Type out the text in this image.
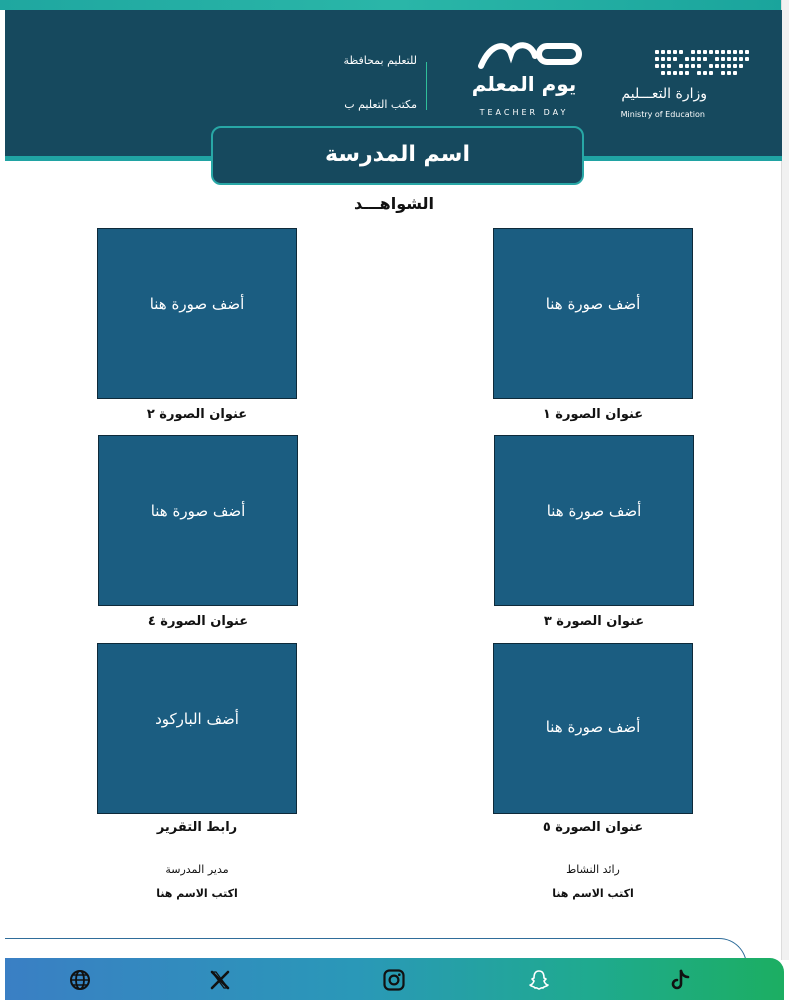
وزارة التعـــليم
Ministry of Education
يوم المعلم
TEACHER DAY
للتعليم بمحافظة
مكتب التعليم ب
اسم المدرسة
الشواهـــد
أضف صورة هنا
عنوان الصورة ١
أضف صورة هنا
عنوان الصورة ٢
أضف صورة هنا
عنوان الصورة ٣
أضف صورة هنا
عنوان الصورة ٤
أضف صورة هنا
عنوان الصورة ٥
أضف الباركود
رابط التقرير
رائد النشاط
اكتب الاسم هنا
مدير المدرسة
اكتب الاسم هنا
